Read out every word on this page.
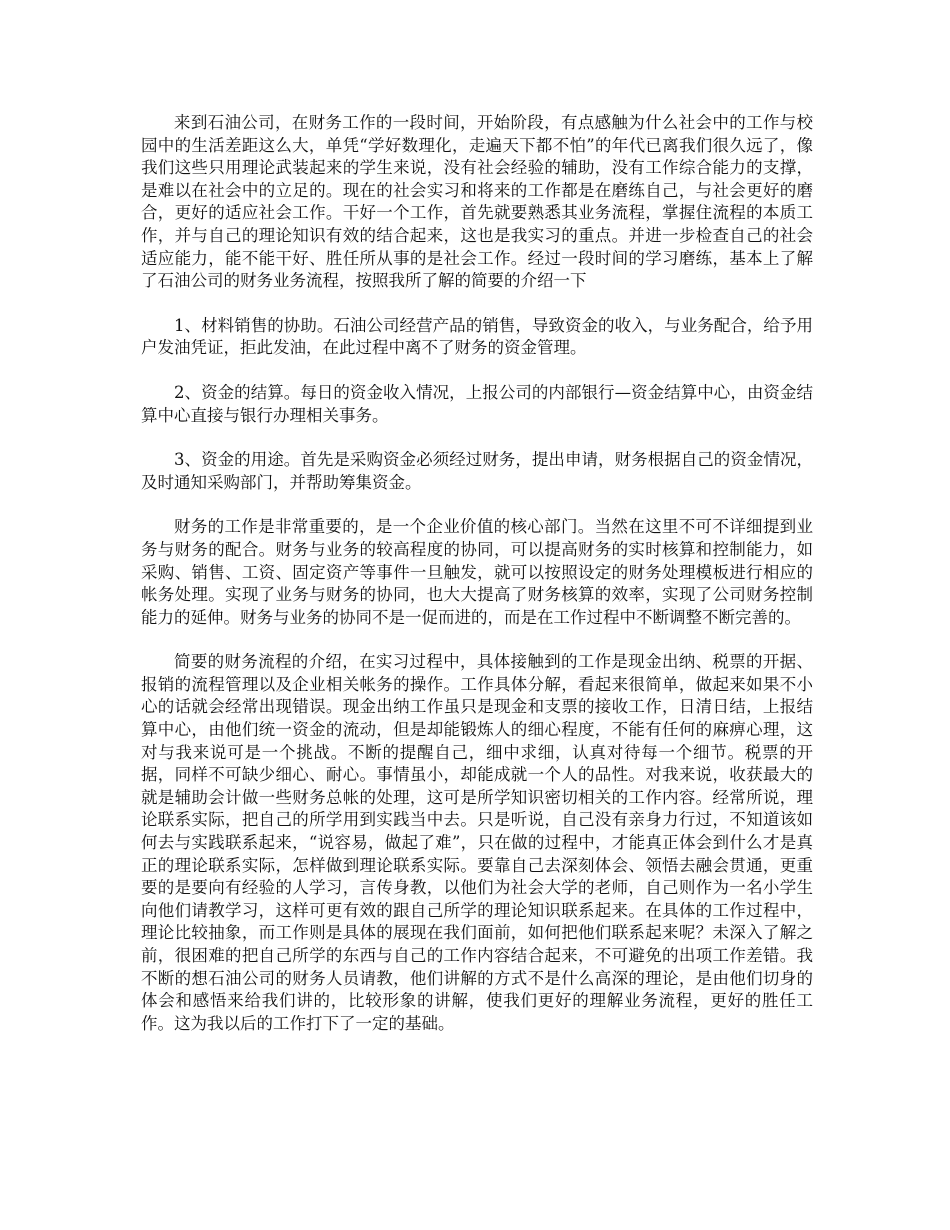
来到石油公司，在财务工作的一段时间，开始阶段，有点感触为什么社会中的工作与校园中的生活差距这么大，单凭“学好数理化，走遍天下都不怕”的年代已离我们很久远了，像我们这些只用理论武装起来的学生来说，没有社会经验的辅助，没有工作综合能力的支撑，是难以在社会中的立足的。现在的社会实习和将来的工作都是在磨练自己，与社会更好的磨合，更好的适应社会工作。干好一个工作，首先就要熟悉其业务流程，掌握住流程的本质工作，并与自己的理论知识有效的结合起来，这也是我实习的重点。并进一步检查自己的社会适应能力，能不能干好、胜任所从事的是社会工作。经过一段时间的学习磨练，基本上了解了石油公司的财务业务流程，按照我所了解的简要的介绍一下

1、材料销售的协助。石油公司经营产品的销售，导致资金的收入，与业务配合，给予用户发油凭证，拒此发油，在此过程中离不了财务的资金管理。

2、资金的结算。每日的资金收入情况，上报公司的内部银行—资金结算中心，由资金结算中心直接与银行办理相关事务。

3、资金的用途。首先是采购资金必须经过财务，提出申请，财务根据自己的资金情况，及时通知采购部门，并帮助筹集资金。

财务的工作是非常重要的，是一个企业价值的核心部门。当然在这里不可不详细提到业务与财务的配合。财务与业务的较高程度的协同，可以提高财务的实时核算和控制能力，如采购、销售、工资、固定资产等事件一旦触发，就可以按照设定的财务处理模板进行相应的帐务处理。实现了业务与财务的协同，也大大提高了财务核算的效率，实现了公司财务控制能力的延伸。财务与业务的协同不是一促而进的，而是在工作过程中不断调整不断完善的。

简要的财务流程的介绍，在实习过程中，具体接触到的工作是现金出纳、税票的开据、报销的流程管理以及企业相关帐务的操作。工作具体分解，看起来很简单，做起来如果不小心的话就会经常出现错误。现金出纳工作虽只是现金和支票的接收工作，日清日结，上报结算中心，由他们统一资金的流动，但是却能锻炼人的细心程度，不能有任何的麻痹心理，这对与我来说可是一个挑战。不断的提醒自己，细中求细，认真对待每一个细节。税票的开据，同样不可缺少细心、耐心。事情虽小，却能成就一个人的品性。对我来说，收获最大的就是辅助会计做一些财务总帐的处理，这可是所学知识密切相关的工作内容。经常所说，理论联系实际，把自己的所学用到实践当中去。只是听说，自己没有亲身力行过，不知道该如何去与实践联系起来，“说容易，做起了难”，只在做的过程中，才能真正体会到什么才是真正的理论联系实际，怎样做到理论联系实际。要靠自己去深刻体会、领悟去融会贯通，更重要的是要向有经验的人学习，言传身教，以他们为社会大学的老师，自己则作为一名小学生向他们请教学习，这样可更有效的跟自己所学的理论知识联系起来。在具体的工作过程中，理论比较抽象，而工作则是具体的展现在我们面前，如何把他们联系起来呢？未深入了解之前，很困难的把自己所学的东西与自己的工作内容结合起来，不可避免的出项工作差错。我不断的想石油公司的财务人员请教，他们讲解的方式不是什么高深的理论，是由他们切身的体会和感悟来给我们讲的，比较形象的讲解，使我们更好的理解业务流程，更好的胜任工作。这为我以后的工作打下了一定的基础。
